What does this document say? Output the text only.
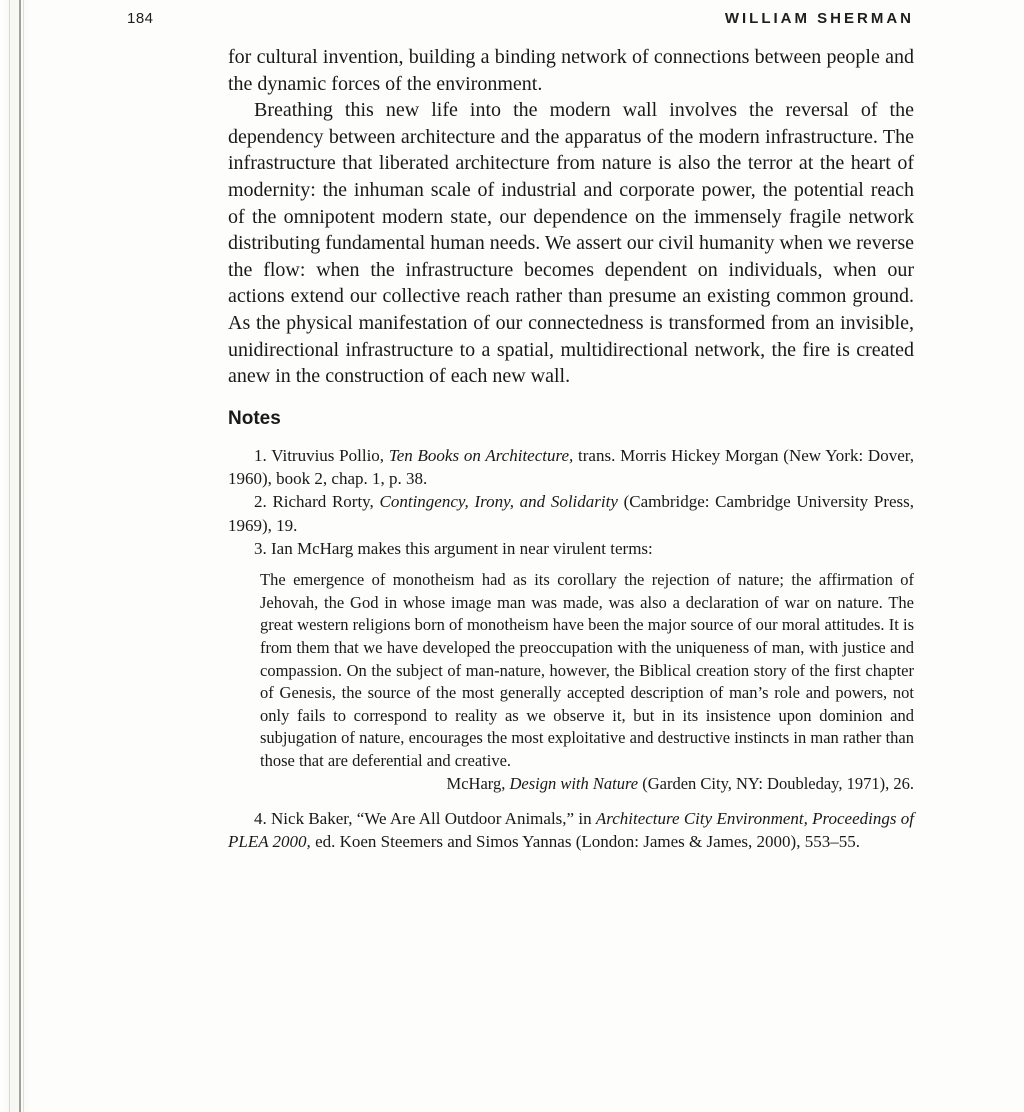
184	WILLIAM SHERMAN

for cultural invention, building a binding network of connections between people and the dynamic forces of the environment.

Breathing this new life into the modern wall involves the reversal of the dependency between architecture and the apparatus of the modern infrastructure. The infrastructure that liberated architecture from nature is also the terror at the heart of modernity: the inhuman scale of industrial and corporate power, the potential reach of the omnipotent modern state, our dependence on the immensely fragile network distributing fundamental human needs. We assert our civil humanity when we reverse the flow: when the infrastructure becomes dependent on individuals, when our actions extend our collective reach rather than presume an existing common ground. As the physical manifestation of our connectedness is transformed from an invisible, unidirectional infrastructure to a spatial, multidirectional network, the fire is created anew in the construction of each new wall.

Notes

1. Vitruvius Pollio, Ten Books on Architecture, trans. Morris Hickey Morgan (New York: Dover, 1960), book 2, chap. 1, p. 38.

2. Richard Rorty, Contingency, Irony, and Solidarity (Cambridge: Cambridge University Press, 1969), 19.

3. Ian McHarg makes this argument in near virulent terms:

The emergence of monotheism had as its corollary the rejection of nature; the affirmation of Jehovah, the God in whose image man was made, was also a declaration of war on nature. The great western religions born of monotheism have been the major source of our moral attitudes. It is from them that we have developed the preoccupation with the uniqueness of man, with justice and compassion. On the subject of man-nature, however, the Biblical creation story of the first chapter of Genesis, the source of the most generally accepted description of man’s role and powers, not only fails to correspond to reality as we observe it, but in its insistence upon dominion and subjugation of nature, encourages the most exploitative and destructive instincts in man rather than those that are deferential and creative.
McHarg, Design with Nature (Garden City, NY: Doubleday, 1971), 26.

4. Nick Baker, “We Are All Outdoor Animals,” in Architecture City Environment, Proceedings of PLEA 2000, ed. Koen Steemers and Simos Yannas (London: James & James, 2000), 553–55.
